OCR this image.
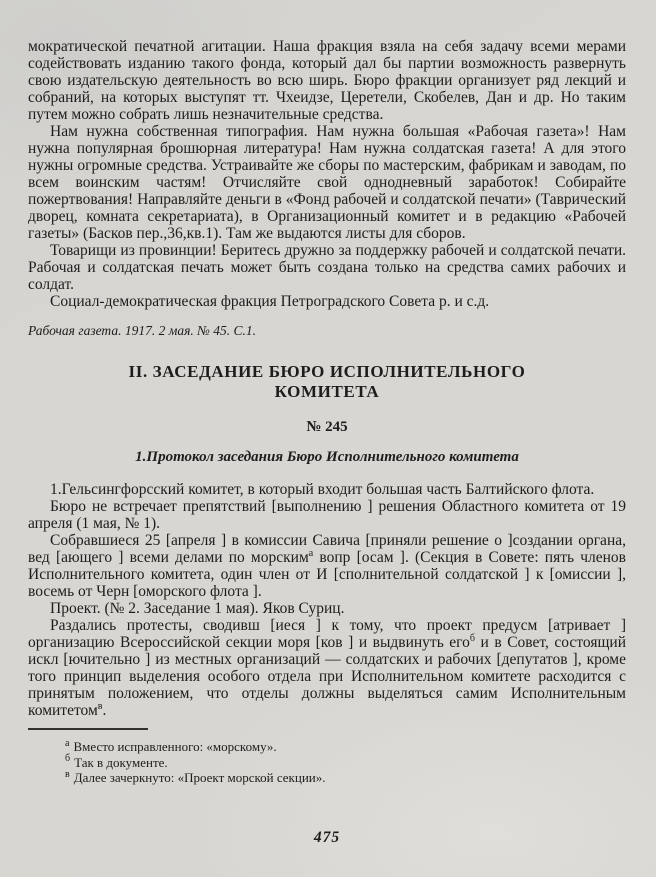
мократической печатной агитации. Наша фракция взяла на себя задачу всеми мерами содействовать изданию такого фонда, который дал бы партии возможность развернуть свою издательскую деятельность во всю ширь. Бюро фракции организует ряд лекций и собраний, на которых выступят тт. Чхеидзе, Церетели, Скобелев, Дан и др. Но таким путем можно собрать лишь незначительные средства.

Нам нужна собственная типография. Нам нужна большая «Рабочая газета»! Нам нужна популярная брошюрная литература! Нам нужна солдатская газета! А для этого нужны огромные средства. Устраивайте же сборы по мастерским, фабрикам и заводам, по всем воинским частям! Отчисляйте свой однодневный заработок! Собирайте пожертвования! Направляйте деньги в «Фонд рабочей и солдатской печати» (Таврический дворец, комната секретариата), в Организационный комитет и в редакцию «Рабочей газеты» (Басков пер.,36,кв.1). Там же выдаются листы для сборов.

Товарищи из провинции! Беритесь дружно за поддержку рабочей и солдатской печати. Рабочая и солдатская печать может быть создана только на средства самих рабочих и солдат.

Социал-демократическая фракция Петроградского Совета р. и с.д.

Рабочая газета. 1917. 2 мая. № 45. С.1.

II. ЗАСЕДАНИЕ БЮРО ИСПОЛНИТЕЛЬНОГО КОМИТЕТА

№ 245

1.Протокол заседания Бюро Исполнительного комитета

1.Гельсингфорсский комитет, в который входит большая часть Балтийского флота.

Бюро не встречает препятствий [выполнению ] решения Областного комитета от 19 апреля (1 мая, № 1).

Собравшиеся 25 [апреля ] в комиссии Савича [приняли решение о ]создании органа, вед [ающего ] всеми делами по морским$^а$ вопр [осам ]. (Секция в Совете: пять членов Исполнительного комитета, один член от И [сполнительной солдатской ] к [омиссии ], восемь от Черн [оморского флота ].

Проект. (№ 2. Заседание 1 мая). Яков Суриц.

Раздались протесты, сводивш [иеся ] к тому, что проект предусм [атривает ] организацию Всероссийской секции моря [ков ] и выдвинуть его$^б$ и в Совет, состоящий искл [ючительно ] из местных организаций — солдатских и рабочих [депутатов ], кроме того принцип выделения особого отдела при Исполнительном комитете расходится с принятым положением, что отделы должны выделяться самим Исполнительным комитетом$^в$.

$^а$ Вместо исправленного: «морскому».
$^б$ Так в документе.
$^в$ Далее зачеркнуто: «Проект морской секции».
475
